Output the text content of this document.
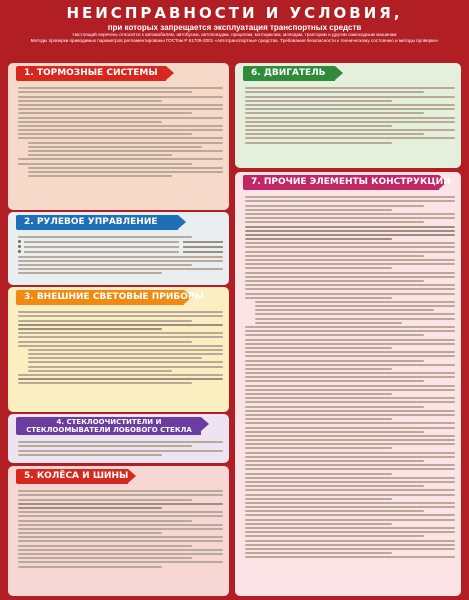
НЕИСПРАВНОСТИ И УСЛОВИЯ,
при которых запрещается эксплуатация транспортных средств
Настоящий перечень относится к автомобилям, автобусам, автопоездам, прицепам, мотоциклам, мопедам, тракторам и другим самоходным машинам
Методы проверки приводимых параметров регламентированы ГОСТом Р 51709-2001 «Автотранспортные средства. Требования безопасности к техническому состоянию и методы проверки»
1. ТОРМОЗНЫЕ СИСТЕМЫ
2. РУЛЕВОЕ УПРАВЛЕНИЕ
3. ВНЕШНИЕ СВЕТОВЫЕ ПРИБОРЫ
4. СТЕКЛООЧИСТИТЕЛИ И СТЕКЛООМЫВАТЕЛИ ЛОБОВОГО СТЕКЛА
5. КОЛЁСА И ШИНЫ
6. ДВИГАТЕЛЬ
7. ПРОЧИЕ ЭЛЕМЕНТЫ КОНСТРУКЦИИ
